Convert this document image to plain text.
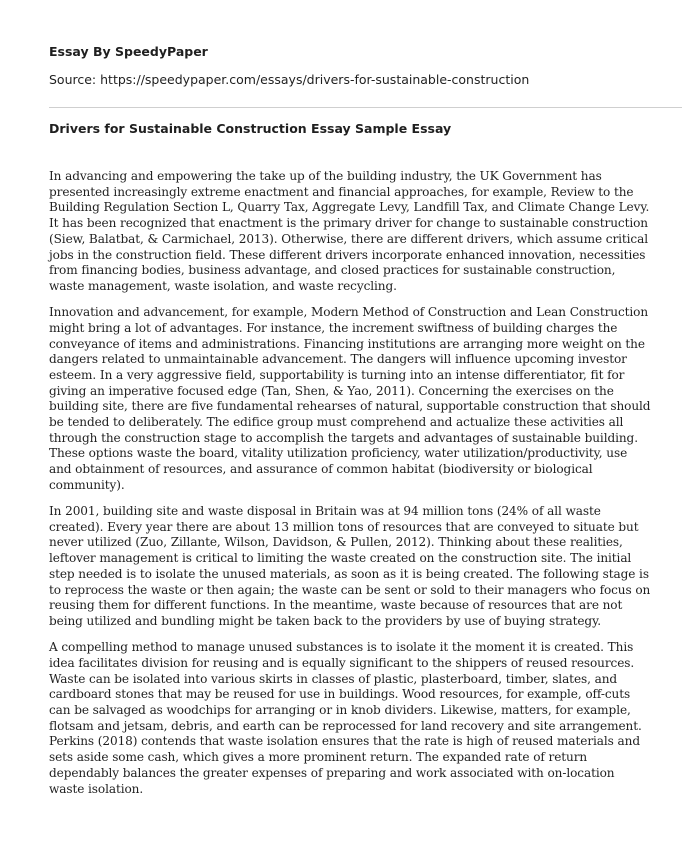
Essay By SpeedyPaper
Source: https://speedypaper.com/essays/drivers-for-sustainable-construction
Drivers for Sustainable Construction Essay Sample Essay

In advancing and empowering the take up of the building industry, the UK Government has presented increasingly extreme enactment and financial approaches, for example, Review to the Building Regulation Section L, Quarry Tax, Aggregate Levy, Landfill Tax, and Climate Change Levy. It has been recognized that enactment is the primary driver for change to sustainable construction (Siew, Balatbat, & Carmichael, 2013). Otherwise, there are different drivers, which assume critical jobs in the construction field. These different drivers incorporate enhanced innovation, necessities from financing bodies, business advantage, and closed practices for sustainable construction, waste management, waste isolation, and waste recycling.

Innovation and advancement, for example, Modern Method of Construction and Lean Construction might bring a lot of advantages. For instance, the increment swiftness of building charges the conveyance of items and administrations. Financing institutions are arranging more weight on the dangers related to unmaintainable advancement. The dangers will influence upcoming investor esteem. In a very aggressive field, supportability is turning into an intense differentiator, fit for giving an imperative focused edge (Tan, Shen, & Yao, 2011). Concerning the exercises on the building site, there are five fundamental rehearses of natural, supportable construction that should be tended to deliberately. The edifice group must comprehend and actualize these activities all through the construction stage to accomplish the targets and advantages of sustainable building. These options waste the board, vitality utilization proficiency, water utilization/productivity, use and obtainment of resources, and assurance of common habitat (biodiversity or biological community).

In 2001, building site and waste disposal in Britain was at 94 million tons (24% of all waste created). Every year there are about 13 million tons of resources that are conveyed to situate but never utilized (Zuo, Zillante, Wilson, Davidson, & Pullen, 2012). Thinking about these realities, leftover management is critical to limiting the waste created on the construction site. The initial step needed is to isolate the unused materials, as soon as it is being created. The following stage is to reprocess the waste or then again; the waste can be sent or sold to their managers who focus on reusing them for different functions. In the meantime, waste because of resources that are not being utilized and bundling might be taken back to the providers by use of buying strategy.

A compelling method to manage unused substances is to isolate it the moment it is created. This idea facilitates division for reusing and is equally significant to the shippers of reused resources. Waste can be isolated into various skirts in classes of plastic, plasterboard, timber, slates, and cardboard stones that may be reused for use in buildings. Wood resources, for example, off-cuts can be salvaged as woodchips for arranging or in knob dividers. Likewise, matters, for example, flotsam and jetsam, debris, and earth can be reprocessed for land recovery and site arrangement. Perkins (2018) contends that waste isolation ensures that the rate is high of reused materials and sets aside some cash, which gives a more prominent return. The expanded rate of return dependably balances the greater expenses of preparing and work associated with on-location waste isolation.
